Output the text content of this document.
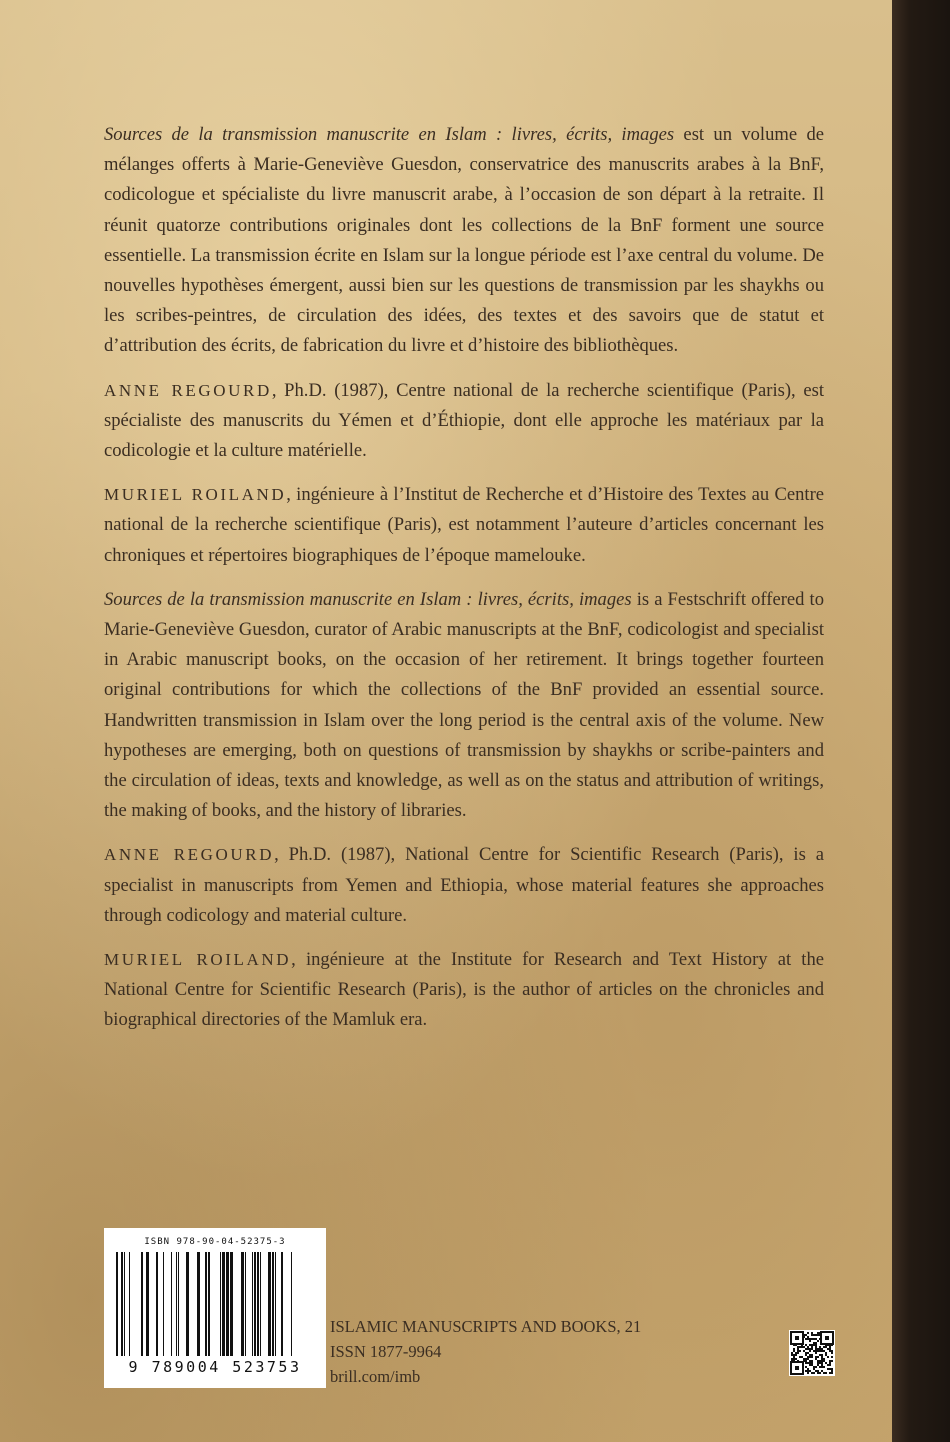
Sources de la transmission manuscrite en Islam : livres, écrits, images est un volume de mélanges offerts à Marie-Geneviève Guesdon, conservatrice des manuscrits arabes à la BnF, codicologue et spécialiste du livre manuscrit arabe, à l’occasion de son départ à la retraite. Il réunit quatorze contributions originales dont les collections de la BnF forment une source essentielle. La transmission écrite en Islam sur la longue période est l’axe central du volume. De nouvelles hypothèses émergent, aussi bien sur les questions de transmission par les shaykhs ou les scribes-peintres, de circulation des idées, des textes et des savoirs que de statut et d’attribution des écrits, de fabrication du livre et d’histoire des bibliothèques.

ANNE REGOURD, Ph.D. (1987), Centre national de la recherche scientifique (Paris), est spécialiste des manuscrits du Yémen et d’Éthiopie, dont elle approche les matériaux par la codicologie et la culture matérielle.

MURIEL ROILAND, ingénieure à l’Institut de Recherche et d’Histoire des Textes au Centre national de la recherche scientifique (Paris), est notamment l’auteure d’articles concernant les chroniques et répertoires biographiques de l’époque mamelouke.

Sources de la transmission manuscrite en Islam : livres, écrits, images is a Festschrift offered to Marie-Geneviève Guesdon, curator of Arabic manuscripts at the BnF, codicologist and specialist in Arabic manuscript books, on the occasion of her retirement. It brings together fourteen original contributions for which the collections of the BnF provided an essential source. Handwritten transmission in Islam over the long period is the central axis of the volume. New hypotheses are emerging, both on questions of transmission by shaykhs or scribe-painters and the circulation of ideas, texts and knowledge, as well as on the status and attribution of writings, the making of books, and the history of libraries.

ANNE REGOURD, Ph.D. (1987), National Centre for Scientific Research (Paris), is a specialist in manuscripts from Yemen and Ethiopia, whose material features she approaches through codicology and material culture.

MURIEL ROILAND, ingénieure at the Institute for Research and Text History at the National Centre for Scientific Research (Paris), is the author of articles on the chronicles and biographical directories of the Mamluk era.

ISBN 978-90-04-52375-3
9 789004 523753
ISLAMIC MANUSCRIPTS AND BOOKS, 21
ISSN 1877-9964
brill.com/imb
